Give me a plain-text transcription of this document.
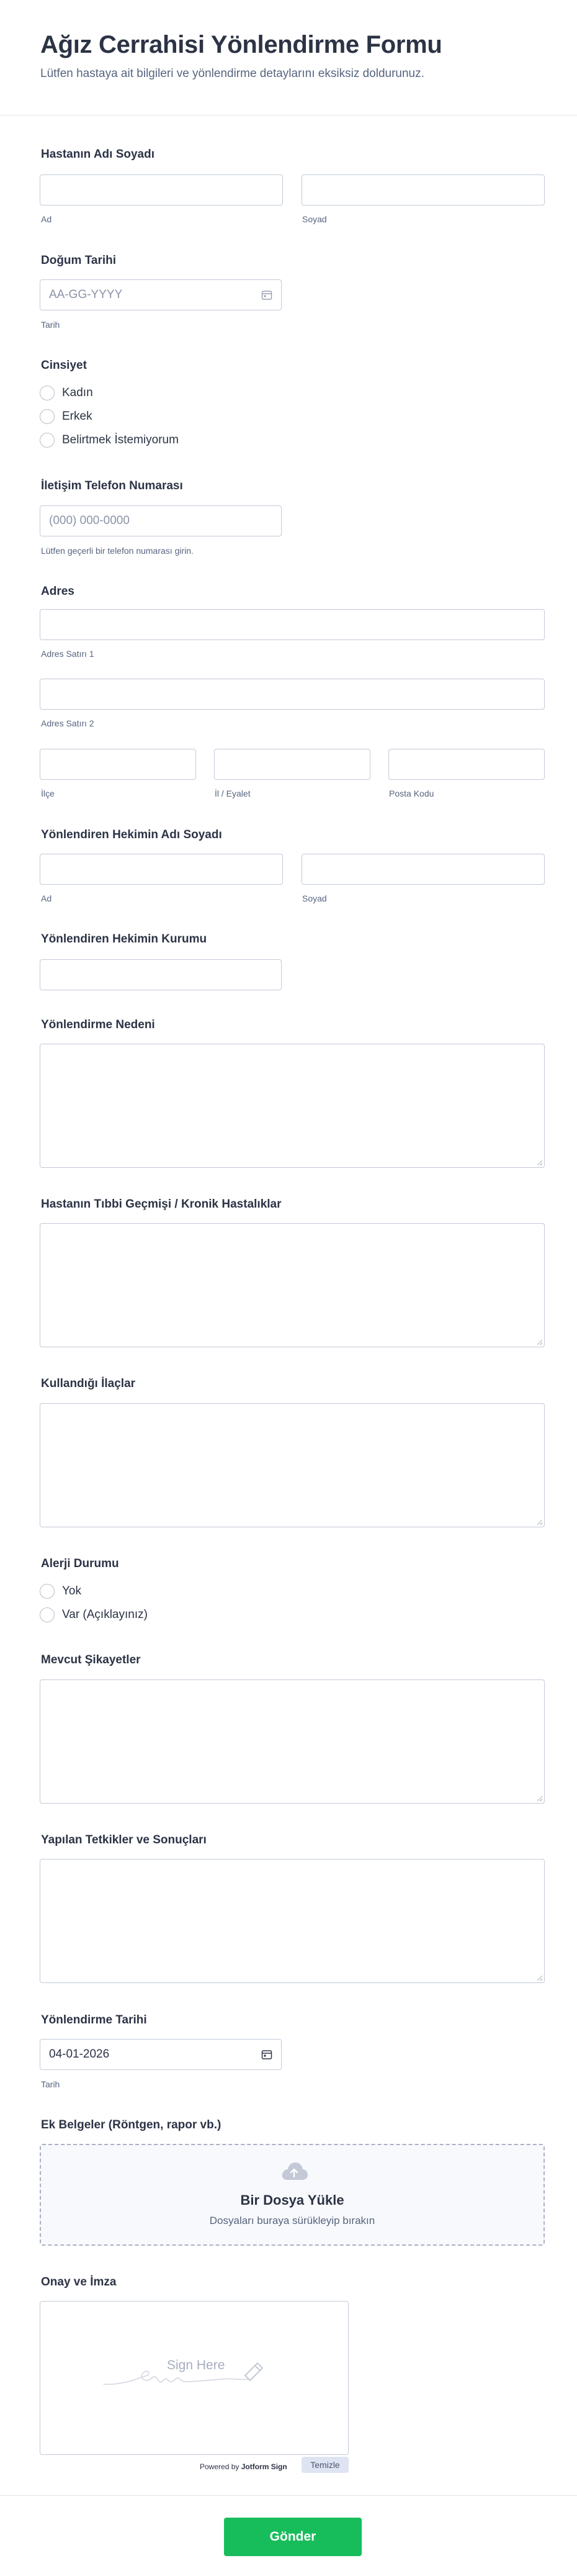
Ağız Cerrahisi Yönlendirme Formu
Lütfen hastaya ait bilgileri ve yönlendirme detaylarını eksiksiz doldurunuz.
Hastanın Adı Soyadı
Ad	Soyad
Doğum Tarihi
AA-GG-YYYY
Tarih
Cinsiyet
Kadın
Erkek
Belirtmek İstemiyorum
İletişim Telefon Numarası
(000) 000-0000
Lütfen geçerli bir telefon numarası girin.
Adres
Adres Satırı 1
Adres Satırı 2
İlçe	İl / Eyalet	Posta Kodu
Yönlendiren Hekimin Adı Soyadı
Ad	Soyad
Yönlendiren Hekimin Kurumu
Yönlendirme Nedeni
Hastanın Tıbbi Geçmişi / Kronik Hastalıklar
Kullandığı İlaçlar
Alerji Durumu
Yok
Var (Açıklayınız)
Mevcut Şikayetler
Yapılan Tetkikler ve Sonuçları
Yönlendirme Tarihi
04-01-2026
Tarih
Ek Belgeler (Röntgen, rapor vb.)
Bir Dosya Yükle
Dosyaları buraya sürükleyip bırakın
Onay ve İmza
Sign Here
Powered by Jotform Sign	Temizle
Gönder
